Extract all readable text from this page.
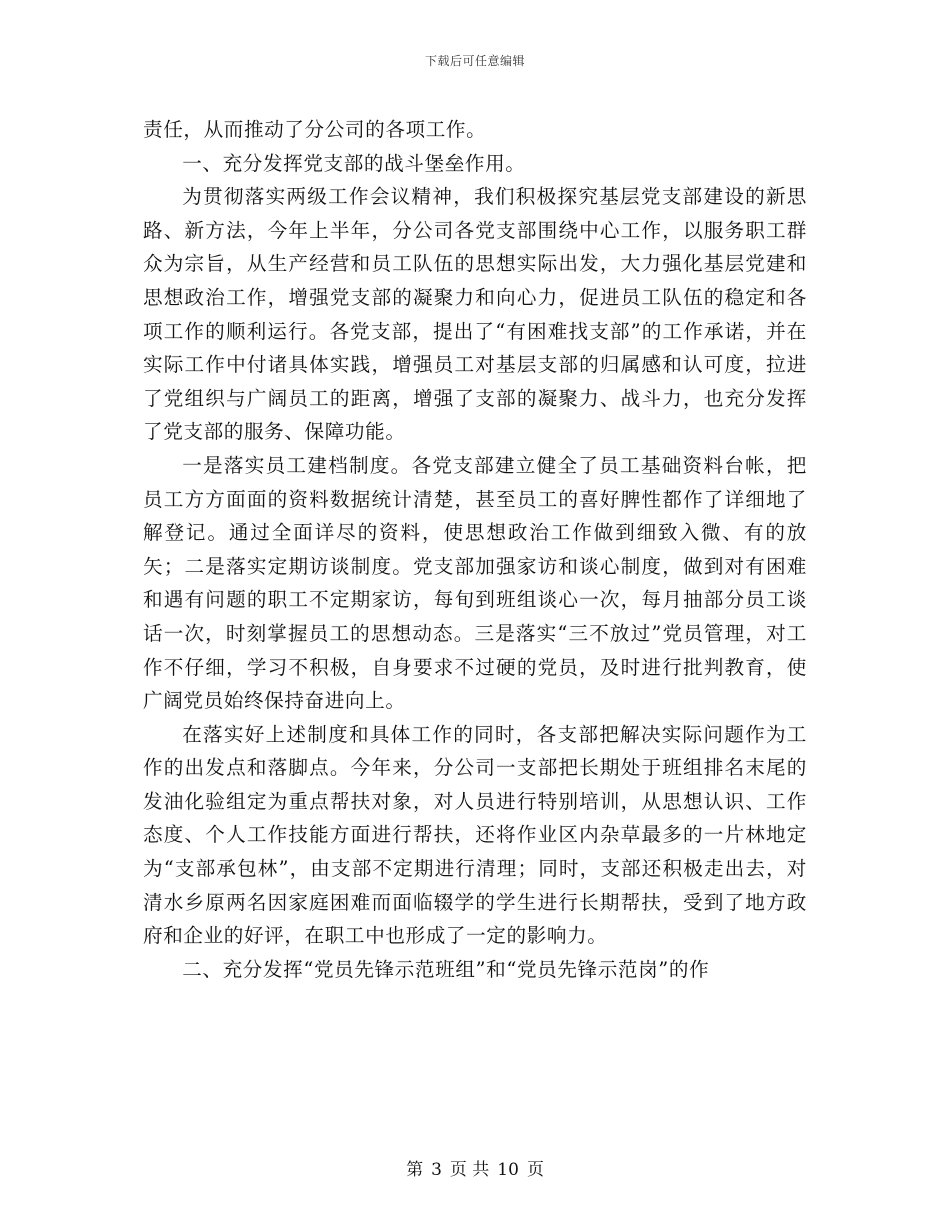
下载后可任意编辑

责任，从而推动了分公司的各项工作。

一、充分发挥党支部的战斗堡垒作用。

为贯彻落实两级工作会议精神，我们积极探究基层党支部建设的新思路、新方法，今年上半年，分公司各党支部围绕中心工作，以服务职工群众为宗旨，从生产经营和员工队伍的思想实际出发，大力强化基层党建和思想政治工作，增强党支部的凝聚力和向心力，促进员工队伍的稳定和各项工作的顺利运行。各党支部，提出了“有困难找支部”的工作承诺，并在实际工作中付诸具体实践，增强员工对基层支部的归属感和认可度，拉进了党组织与广阔员工的距离，增强了支部的凝聚力、战斗力，也充分发挥了党支部的服务、保障功能。

一是落实员工建档制度。各党支部建立健全了员工基础资料台帐，把员工方方面面的资料数据统计清楚，甚至员工的喜好脾性都作了详细地了解登记。通过全面详尽的资料，使思想政治工作做到细致入微、有的放矢；二是落实定期访谈制度。党支部加强家访和谈心制度，做到对有困难和遇有问题的职工不定期家访，每旬到班组谈心一次，每月抽部分员工谈话一次，时刻掌握员工的思想动态。三是落实“三不放过”党员管理，对工作不仔细，学习不积极，自身要求不过硬的党员，及时进行批判教育，使广阔党员始终保持奋进向上。

在落实好上述制度和具体工作的同时，各支部把解决实际问题作为工作的出发点和落脚点。今年来，分公司一支部把长期处于班组排名末尾的发油化验组定为重点帮扶对象，对人员进行特别培训，从思想认识、工作态度、个人工作技能方面进行帮扶，还将作业区内杂草最多的一片林地定为“支部承包林”，由支部不定期进行清理；同时，支部还积极走出去，对清水乡原两名因家庭困难而面临辍学的学生进行长期帮扶，受到了地方政府和企业的好评，在职工中也形成了一定的影响力。

二、充分发挥“党员先锋示范班组”和“党员先锋示范岗”的作

第 3 页 共 10 页
